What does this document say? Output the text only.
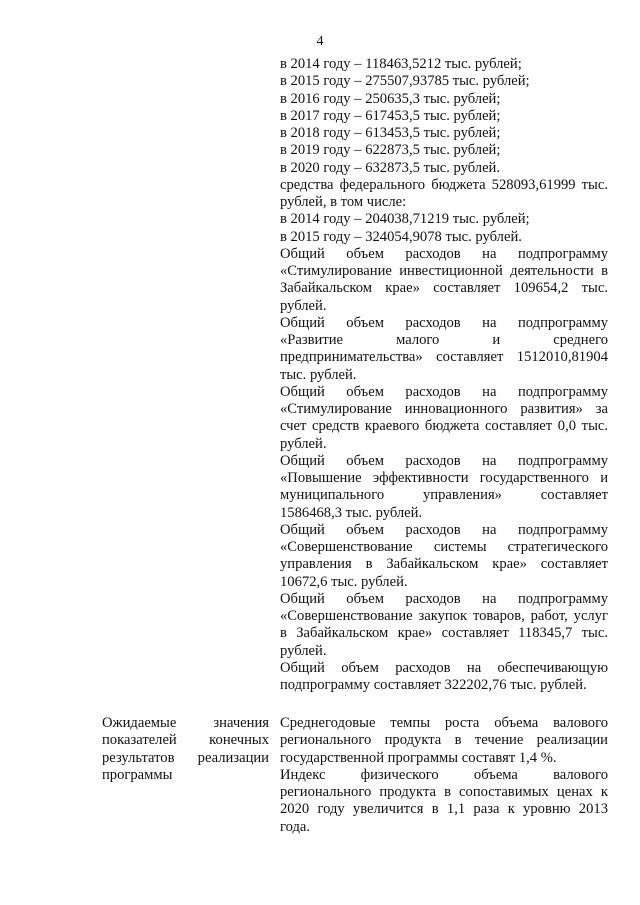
4
в 2014 году – 118463,5212 тыс. рублей;
в 2015 году – 275507,93785 тыс. рублей;
в 2016 году – 250635,3 тыс. рублей;
в 2017 году – 617453,5 тыс. рублей;
в 2018 году – 613453,5 тыс. рублей;
в 2019 году – 622873,5 тыс. рублей;
в 2020 году – 632873,5 тыс. рублей.
средства федерального бюджета 528093,61999 тыс.
рублей, в том числе:
в 2014 году – 204038,71219 тыс. рублей;
в 2015 году – 324054,9078 тыс. рублей.
Общий объем расходов на подпрограмму
«Стимулирование инвестиционной деятельности в
Забайкальском крае» составляет 109654,2 тыс.
рублей.
Общий объем расходов на подпрограмму
«Развитие малого и среднего
предпринимательства» составляет 1512010,81904
тыс. рублей.
Общий объем расходов на подпрограмму
«Стимулирование инновационного развития» за
счет средств краевого бюджета составляет 0,0 тыс.
рублей.
Общий объем расходов на подпрограмму
«Повышение эффективности государственного и
муниципального управления» составляет
1586468,3 тыс. рублей.
Общий объем расходов на подпрограмму
«Совершенствование системы стратегического
управления в Забайкальском крае» составляет
10672,6 тыс. рублей.
Общий объем расходов на подпрограмму
«Совершенствование закупок товаров, работ, услуг
в Забайкальском крае» составляет 118345,7 тыс.
рублей.
Общий объем расходов на обеспечивающую
подпрограмму составляет 322202,76 тыс. рублей.
Ожидаемые значения
показателей конечных
результатов реализации
программы
Среднегодовые темпы роста объема валового
регионального продукта в течение реализации
государственной программы составят 1,4 %.
Индекс физического объема валового
регионального продукта в сопоставимых ценах к
2020 году увеличится в 1,1 раза к уровню 2013
года.
